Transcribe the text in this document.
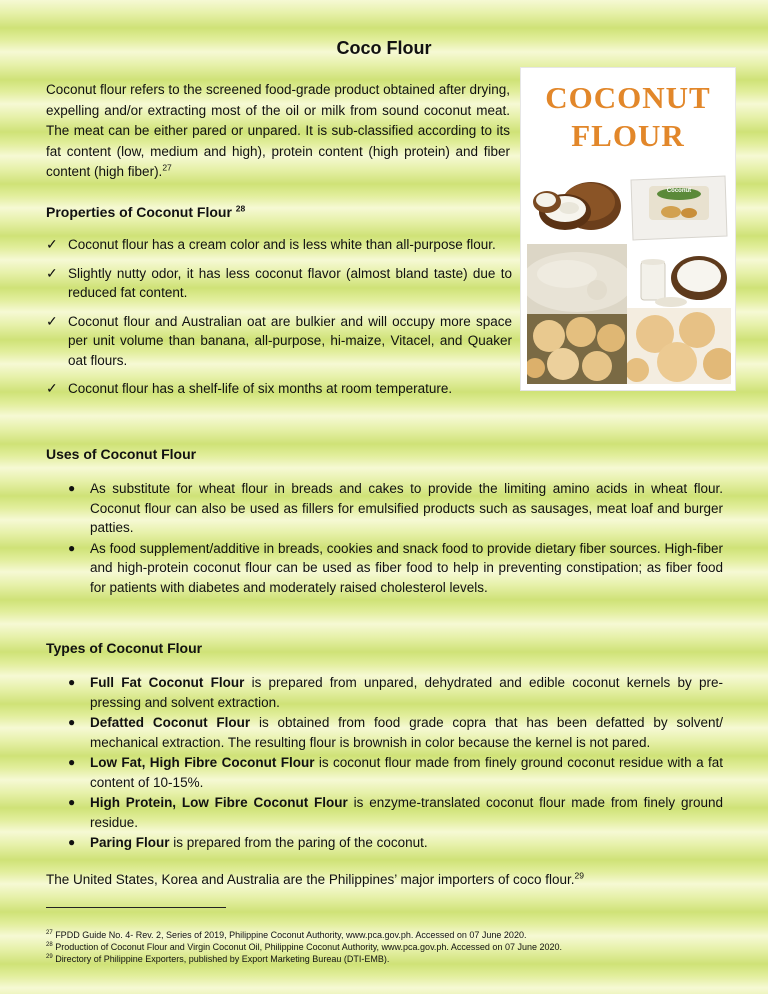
Coco Flour

Coconut flour refers to the screened food-grade product obtained after drying, expelling and/or extracting most of the oil or milk from sound coconut meat. The meat can be either pared or unpared. It is sub-classified according to its fat content (low, medium and high), protein content (high protein) and fiber content (high fiber).$^{27}$

COCONUT
FLOUR
Coconut
Properties of Coconut Flour $^{28}$
✓ Coconut flour has a cream color and is less white than all-purpose flour.
✓ Slightly nutty odor, it has less coconut flavor (almost bland taste) due to reduced fat content.
✓ Coconut flour and Australian oat are bulkier and will occupy more space per unit volume than banana, all-purpose, hi-maize, Vitacel, and Quaker oat flours.
✓ Coconut flour has a shelf-life of six months at room temperature.
Uses of Coconut Flour
● As substitute for wheat flour in breads and cakes to provide the limiting amino acids in wheat flour. Coconut flour can also be used as fillers for emulsified products such as sausages, meat loaf and burger patties.
● As food supplement/additive in breads, cookies and snack food to provide dietary fiber sources. High-fiber and high-protein coconut flour can be used as fiber food to help in preventing constipation; as fiber food for patients with diabetes and moderately raised cholesterol levels.
Types of Coconut Flour
● Full Fat Coconut Flour is prepared from unpared, dehydrated and edible coconut kernels by pre-pressing and solvent extraction.
● Defatted Coconut Flour is obtained from food grade copra that has been defatted by solvent/ mechanical extraction. The resulting flour is brownish in color because the kernel is not pared.
● Low Fat, High Fibre Coconut Flour is coconut flour made from finely ground coconut residue with a fat content of 10-15%.
● High Protein, Low Fibre Coconut Flour is enzyme-translated coconut flour made from finely ground residue.
● Paring Flour is prepared from the paring of the coconut.

The United States, Korea and Australia are the Philippines’ major importers of coco flour.$^{29}$

$^{27}$ FPDD Guide No. 4- Rev. 2, Series of 2019, Philippine Coconut Authority, www.pca.gov.ph. Accessed on 07 June 2020.
$^{28}$ Production of Coconut Flour and Virgin Coconut Oil, Philippine Coconut Authority, www.pca.gov.ph. Accessed on 07 June 2020.
$^{29}$ Directory of Philippine Exporters, published by Export Marketing Bureau (DTI-EMB).
